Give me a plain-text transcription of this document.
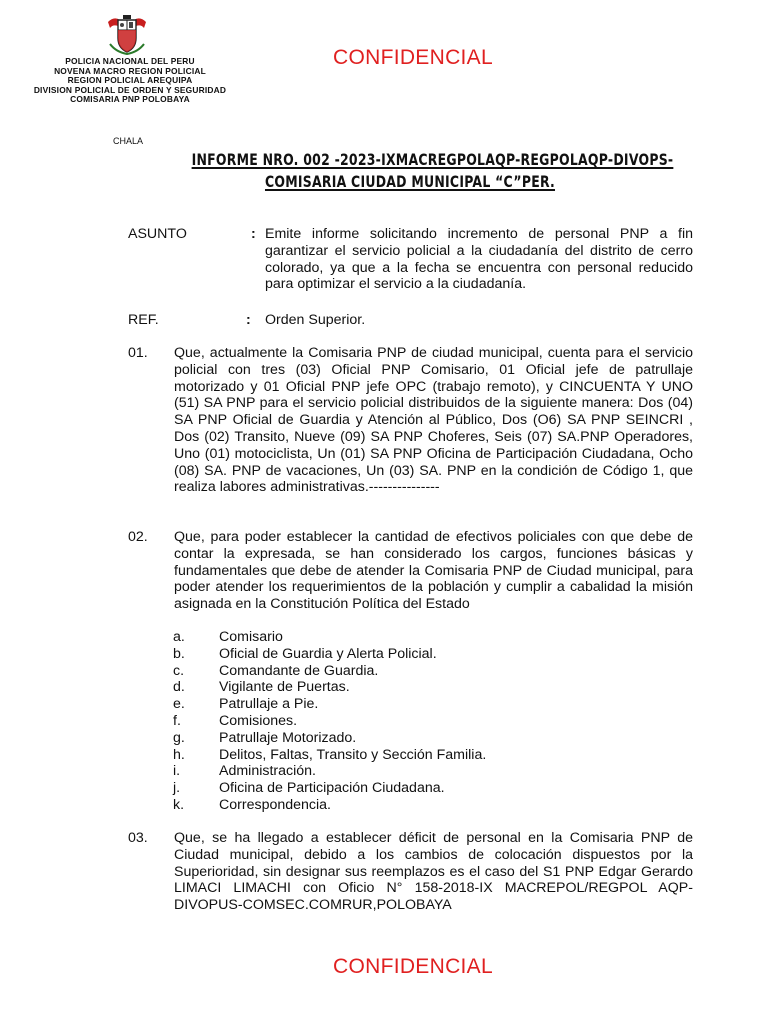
POLICIA NACIONAL DEL PERU
NOVENA MACRO REGION POLICIAL
REGION POLICIAL AREQUIPA
DIVISION POLICIAL DE ORDEN Y SEGURIDAD
COMISARIA PNP POLOBAYA
CONFIDENCIAL
CHALA
INFORME NRO. 002 -2023-IXMACREGPOLAQP-REGPOLAQP-DIVOPS-
COMISARIA CIUDAD MUNICIPAL “C”PER.
ASUNTO	: Emite informe solicitando incremento de personal PNP a fin garantizar el servicio policial a la ciudadanía del distrito de cerro colorado, ya que a la fecha se encuentra con personal reducido para optimizar el servicio a la ciudadanía.
REF.	: Orden Superior.
01. Que, actualmente la Comisaria PNP de ciudad municipal, cuenta para el servicio policial con tres (03) Oficial PNP Comisario, 01 Oficial jefe de patrullaje motorizado y 01 Oficial PNP jefe OPC (trabajo remoto), y CINCUENTA Y UNO (51) SA PNP para el servicio policial distribuidos de la siguiente manera: Dos (04) SA PNP Oficial de Guardia y Atención al Público, Dos (O6) SA PNP SEINCRI , Dos (02) Transito, Nueve (09) SA PNP Choferes, Seis (07) SA.PNP Operadores, Uno (01) motociclista, Un (01) SA PNP Oficina de Participación Ciudadana, Ocho (08) SA. PNP de vacaciones, Un (03) SA. PNP en la condición de Código 1, que realiza labores administrativas.---------------
02. Que, para poder establecer la cantidad de efectivos policiales con que debe de contar la expresada, se han considerado los cargos, funciones básicas y fundamentales que debe de atender la Comisaria PNP de Ciudad municipal, para poder atender los requerimientos de la población y cumplir a cabalidad la misión asignada en la Constitución Política del Estado
a. Comisario
b. Oficial de Guardia y Alerta Policial.
c. Comandante de Guardia.
d. Vigilante de Puertas.
e. Patrullaje a Pie.
f.	Comisiones.
g. Patrullaje Motorizado.
h. Delitos, Faltas, Transito y Sección Familia.
i.	Administración.
j.	Oficina de Participación Ciudadana.
k. Correspondencia.
03. Que, se ha llegado a establecer déficit de personal en la Comisaria PNP de Ciudad municipal, debido a los cambios de colocación dispuestos por la Superioridad, sin designar sus reemplazos es el caso del S1 PNP Edgar Gerardo LIMACI LIMACHI con Oficio N° 158-2018-IX MACREPOL/REGPOL AQP-DIVOPUS-COMSEC.COMRUR,POLOBAYA
CONFIDENCIAL
